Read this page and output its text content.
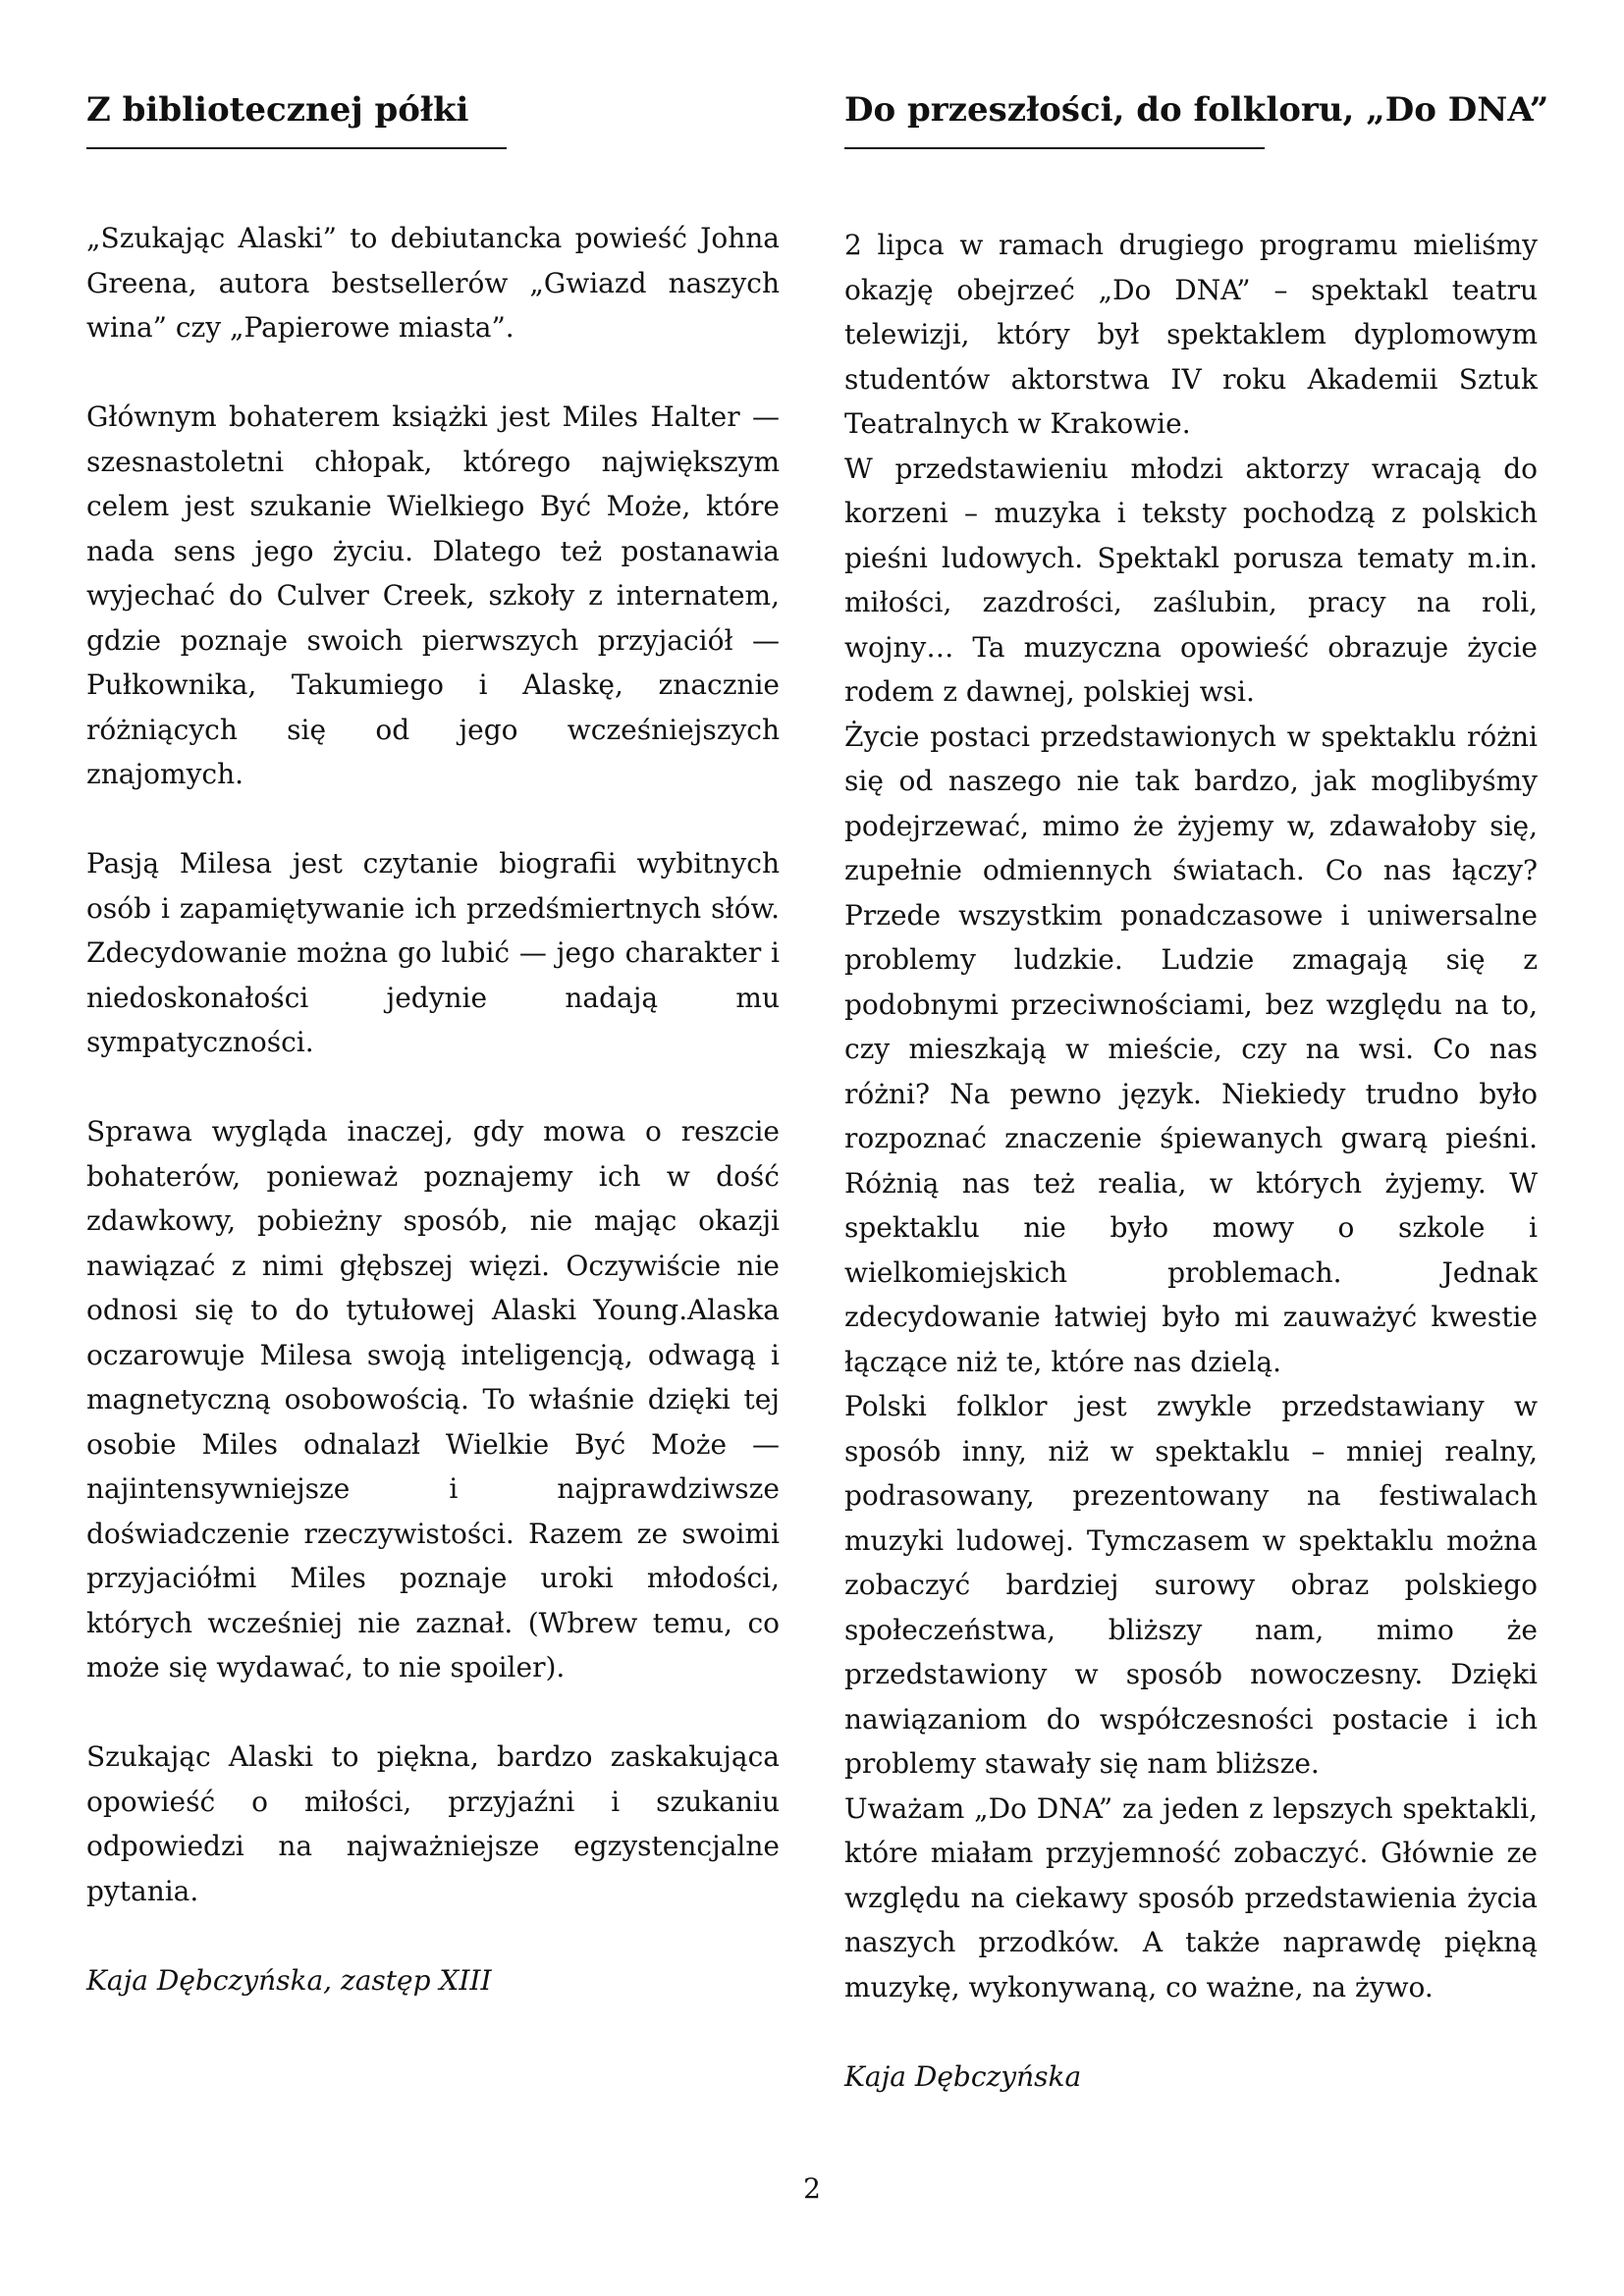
Z bibliotecznej półki

„Szukając Alaski” to debiutancka powieść Johna Greena, autora bestsellerów „Gwiazd naszych wina” czy „Papierowe miasta”.

Głównym bohaterem książki jest Miles Halter — szesnastoletni chłopak, którego największym celem jest szukanie Wielkiego Być Może, które nada sens jego życiu. Dlatego też postanawia wyjechać do Culver Creek, szkoły z internatem, gdzie poznaje swoich pierwszych przyjaciół — Pułkownika, Takumiego i Alaskę, znacznie różniących się od jego wcześniejszych znajomych.

Pasją Milesa jest czytanie biografii wybitnych osób i zapamiętywanie ich przedśmiertnych słów. Zdecydowanie można go lubić — jego charakter i niedoskonałości jedynie nadają mu sympatyczności.

Sprawa wygląda inaczej, gdy mowa o reszcie bohaterów, ponieważ poznajemy ich w dość zdawkowy, pobieżny sposób, nie mając okazji nawiązać z nimi głębszej więzi. Oczywiście nie odnosi się to do tytułowej Alaski Young.Alaska oczarowuje Milesa swoją inteligencją, odwagą i magnetyczną osobowością. To właśnie dzięki tej osobie Miles odnalazł Wielkie Być Może — najintensywniejsze i najprawdziwsze doświadczenie rzeczywistości. Razem ze swoimi przyjaciółmi Miles poznaje uroki młodości, których wcześniej nie zaznał. (Wbrew temu, co może się wydawać, to nie spoiler).

Szukając Alaski to piękna, bardzo zaskakująca opowieść o miłości, przyjaźni i szukaniu odpowiedzi na najważniejsze egzystencjalne pytania.

Kaja Dębczyńska, zastęp XIII

Do przeszłości, do folkloru, „Do DNA”

2 lipca w ramach drugiego programu mieliśmy okazję obejrzeć „Do DNA” – spektakl teatru telewizji, który był spektaklem dyplomowym studentów aktorstwa IV roku Akademii Sztuk Teatralnych w Krakowie.

W przedstawieniu młodzi aktorzy wracają do korzeni – muzyka i teksty pochodzą z polskich pieśni ludowych. Spektakl porusza tematy m.in. miłości, zazdrości, zaślubin, pracy na roli, wojny… Ta muzyczna opowieść obrazuje życie rodem z dawnej, polskiej wsi.

Życie postaci przedstawionych w spektaklu różni się od naszego nie tak bardzo, jak moglibyśmy podejrzewać, mimo że żyjemy w, zdawałoby się, zupełnie odmiennych światach. Co nas łączy? Przede wszystkim ponadczasowe i uniwersalne problemy ludzkie. Ludzie zmagają się z podobnymi przeciwnościami, bez względu na to, czy mieszkają w mieście, czy na wsi. Co nas różni? Na pewno język. Niekiedy trudno było rozpoznać znaczenie śpiewanych gwarą pieśni. Różnią nas też realia, w których żyjemy. W spektaklu nie było mowy o szkole i wielkomiejskich problemach. Jednak zdecydowanie łatwiej było mi zauważyć kwestie łączące niż te, które nas dzielą.

Polski folklor jest zwykle przedstawiany w sposób inny, niż w spektaklu – mniej realny, podrasowany, prezentowany na festiwalach muzyki ludowej. Tymczasem w spektaklu można zobaczyć bardziej surowy obraz polskiego społeczeństwa, bliższy nam, mimo że przedstawiony w sposób nowoczesny. Dzięki nawiązaniom do współczesności postacie i ich problemy stawały się nam bliższe.

Uważam „Do DNA” za jeden z lepszych spektakli, które miałam przyjemność zobaczyć. Głównie ze względu na ciekawy sposób przedstawienia życia naszych przodków. A także naprawdę piękną muzykę, wykonywaną, co ważne, na żywo.

Kaja Dębczyńska

2
